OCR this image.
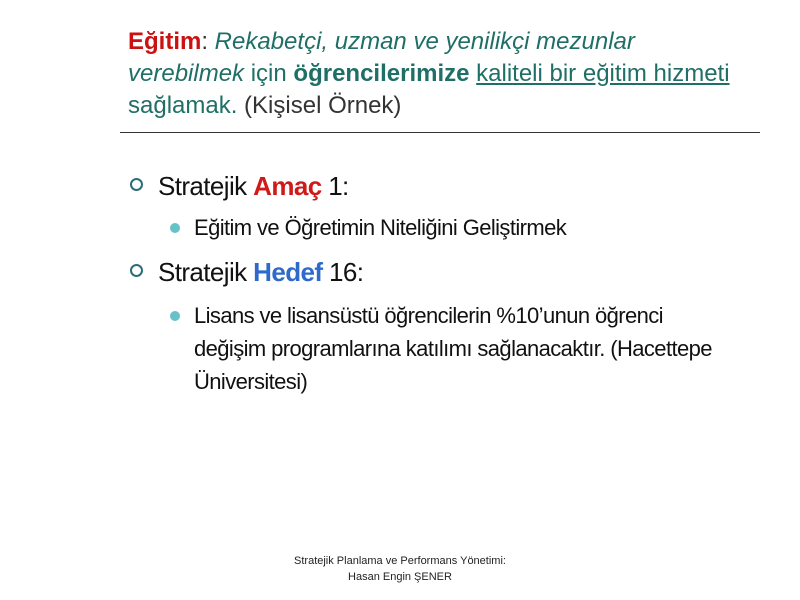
Eğitim: Rekabetçi, uzman ve yenilikçi mezunlar verebilmek için öğrencilerimize kaliteli bir eğitim hizmeti sağlamak. (Kişisel Örnek)
Stratejik Amaç 1:
Eğitim ve Öğretimin Niteliğini Geliştirmek
Stratejik Hedef 16:
Lisans ve lisansüstü öğrencilerin %10’unun öğrenci değişim programlarına katılımı sağlanacaktır. (Hacettepe Üniversitesi)
Stratejik Planlama ve Performans Yönetimi:
Hasan Engin ŞENER
